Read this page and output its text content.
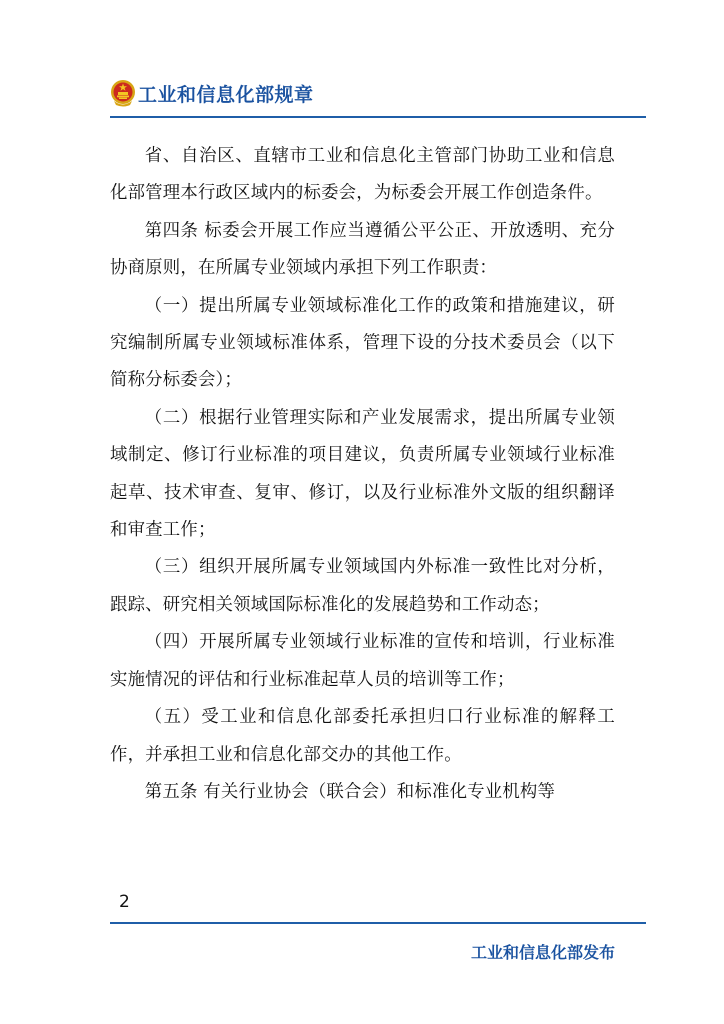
工业和信息化部规章

省、自治区、直辖市工业和信息化主管部门协助工业和信息化部管理本行政区域内的标委会，为标委会开展工作创造条件。

第四条 标委会开展工作应当遵循公平公正、开放透明、充分协商原则，在所属专业领域内承担下列工作职责：

（一）提出所属专业领域标准化工作的政策和措施建议，研究编制所属专业领域标准体系，管理下设的分技术委员会（以下简称分标委会）；

（二）根据行业管理实际和产业发展需求，提出所属专业领域制定、修订行业标准的项目建议，负责所属专业领域行业标准起草、技术审查、复审、修订，以及行业标准外文版的组织翻译和审查工作；

（三）组织开展所属专业领域国内外标准一致性比对分析，跟踪、研究相关领域国际标准化的发展趋势和工作动态；

（四）开展所属专业领域行业标准的宣传和培训，行业标准实施情况的评估和行业标准起草人员的培训等工作；

（五）受工业和信息化部委托承担归口行业标准的解释工作，并承担工业和信息化部交办的其他工作。

第五条 有关行业协会（联合会）和标准化专业机构等

2
工业和信息化部发布
